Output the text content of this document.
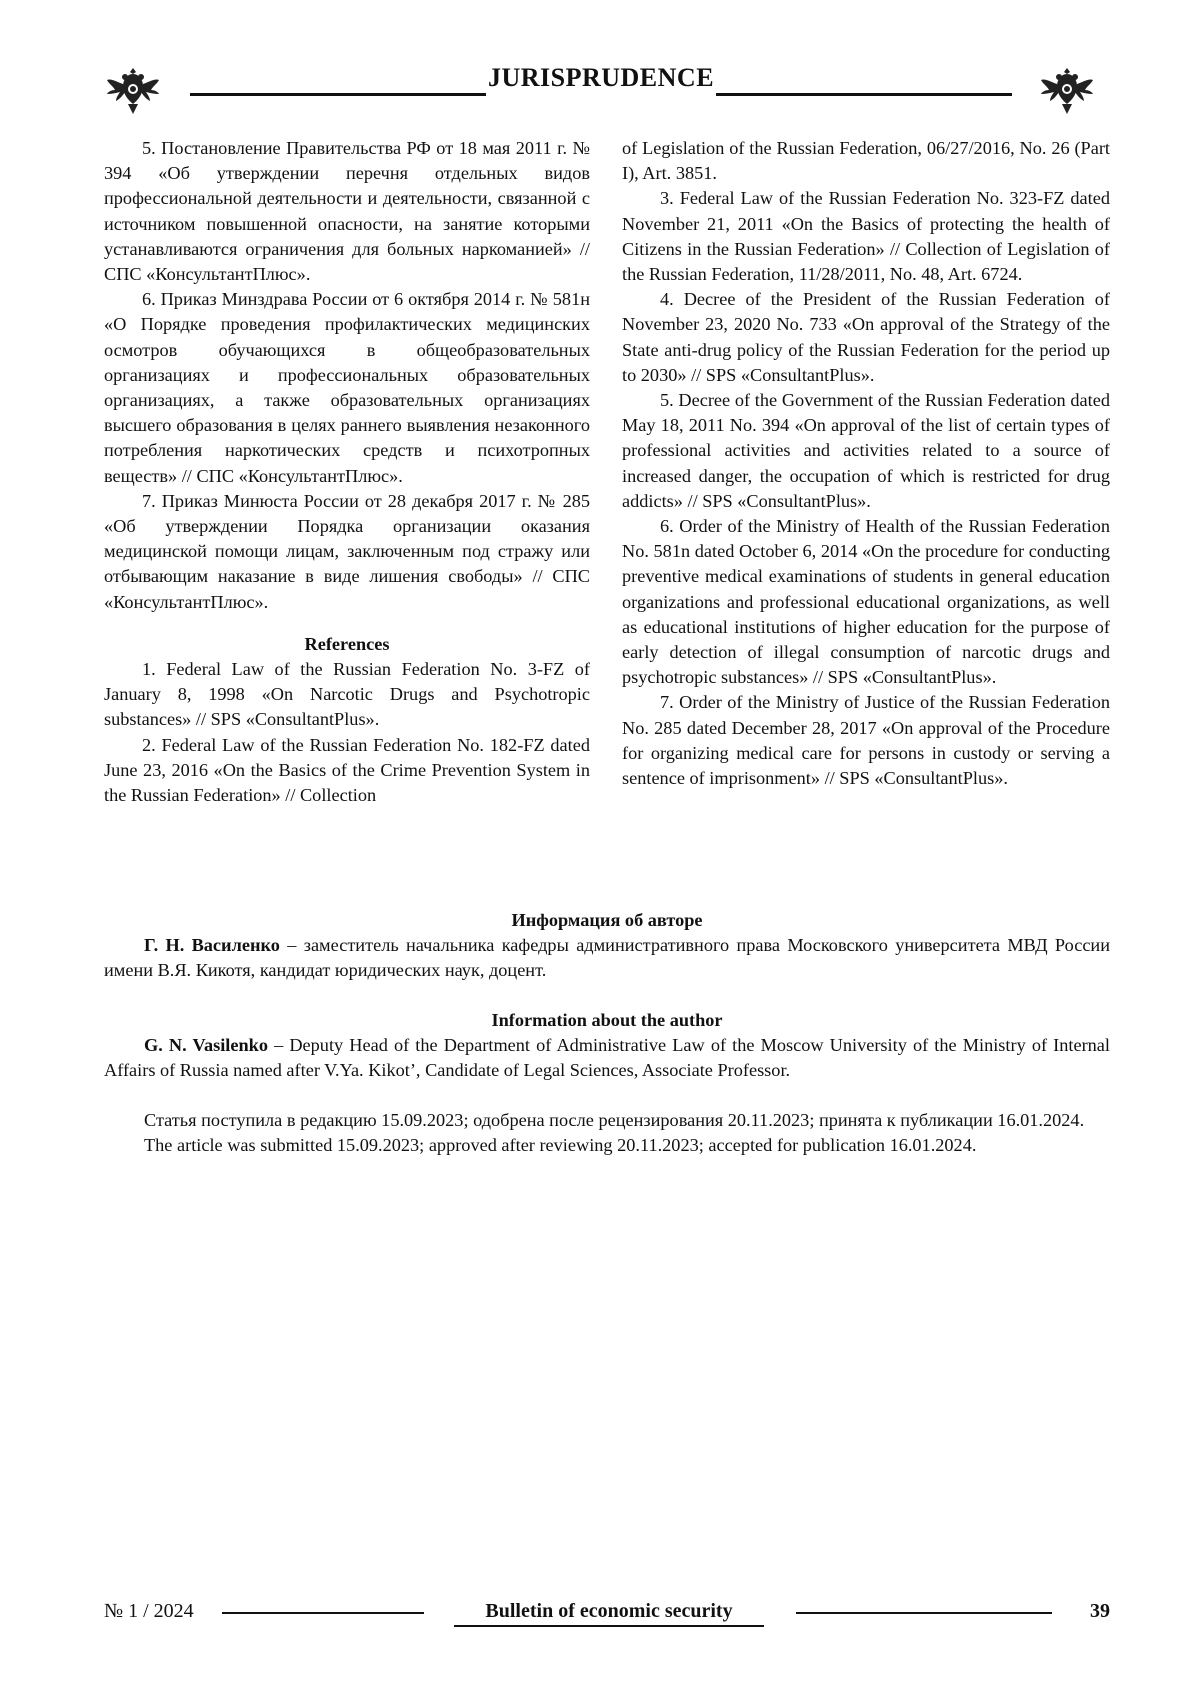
JURISPRUDENCE

5. Постановление Правительства РФ от 18 мая 2011 г. № 394 «Об утверждении перечня отдельных видов профессиональной деятельности и деятельности, связанной с источником повышенной опасности, на занятие которыми устанавливаются ограничения для больных наркоманией» // СПС «КонсультантПлюс».

6. Приказ Минздрава России от 6 октября 2014 г. № 581н «О Порядке проведения профилактических медицинских осмотров обучающихся в общеобразовательных организациях и профессиональных образовательных организациях, а также образовательных организациях высшего образования в целях раннего выявления незаконного потребления наркотических средств и психотропных веществ» // СПС «КонсультантПлюс».

7. Приказ Минюста России от 28 декабря 2017 г. № 285 «Об утверждении Порядка организации оказания медицинской помощи лицам, заключенным под стражу или отбывающим наказание в виде лишения свободы» // СПС «КонсультантПлюс».

References

1. Federal Law of the Russian Federation No. 3-FZ of January 8, 1998 «On Narcotic Drugs and Psychotropic substances» // SPS «ConsultantPlus».

2. Federal Law of the Russian Federation No. 182-FZ dated June 23, 2016 «On the Basics of the Crime Prevention System in the Russian Federation» // Collection

of Legislation of the Russian Federation, 06/27/2016, No. 26 (Part I), Art. 3851.

3. Federal Law of the Russian Federation No. 323-FZ dated November 21, 2011 «On the Basics of protecting the health of Citizens in the Russian Federation» // Collection of Legislation of the Russian Federation, 11/28/2011, No. 48, Art. 6724.

4. Decree of the President of the Russian Federation of November 23, 2020 No. 733 «On approval of the Strategy of the State anti-drug policy of the Russian Federation for the period up to 2030» // SPS «ConsultantPlus».

5. Decree of the Government of the Russian Federation dated May 18, 2011 No. 394 «On approval of the list of certain types of professional activities and activities related to a source of increased danger, the occupation of which is restricted for drug addicts» // SPS «ConsultantPlus».

6. Order of the Ministry of Health of the Russian Federation No. 581n dated October 6, 2014 «On the procedure for conducting preventive medical examinations of students in general education organizations and professional educational organizations, as well as educational institutions of higher education for the purpose of early detection of illegal consumption of narcotic drugs and psychotropic substances» // SPS «ConsultantPlus».

7. Order of the Ministry of Justice of the Russian Federation No. 285 dated December 28, 2017 «On approval of the Procedure for organizing medical care for persons in custody or serving a sentence of imprisonment» // SPS «ConsultantPlus».

Информация об авторе

Г. Н. Василенко – заместитель начальника кафедры административного права Московского университета МВД России имени В.Я. Кикотя, кандидат юридических наук, доцент.

Information about the author

G. N. Vasilenko – Deputy Head of the Department of Administrative Law of the Moscow University of the Ministry of Internal Affairs of Russia named after V.Ya. Kikot’, Candidate of Legal Sciences, Associate Professor.

Статья поступила в редакцию 15.09.2023; одобрена после рецензирования 20.11.2023; принята к публикации 16.01.2024.

The article was submitted 15.09.2023; approved after reviewing 20.11.2023; accepted for publication 16.01.2024.

№ 1 / 2024	Bulletin of economic security	39
